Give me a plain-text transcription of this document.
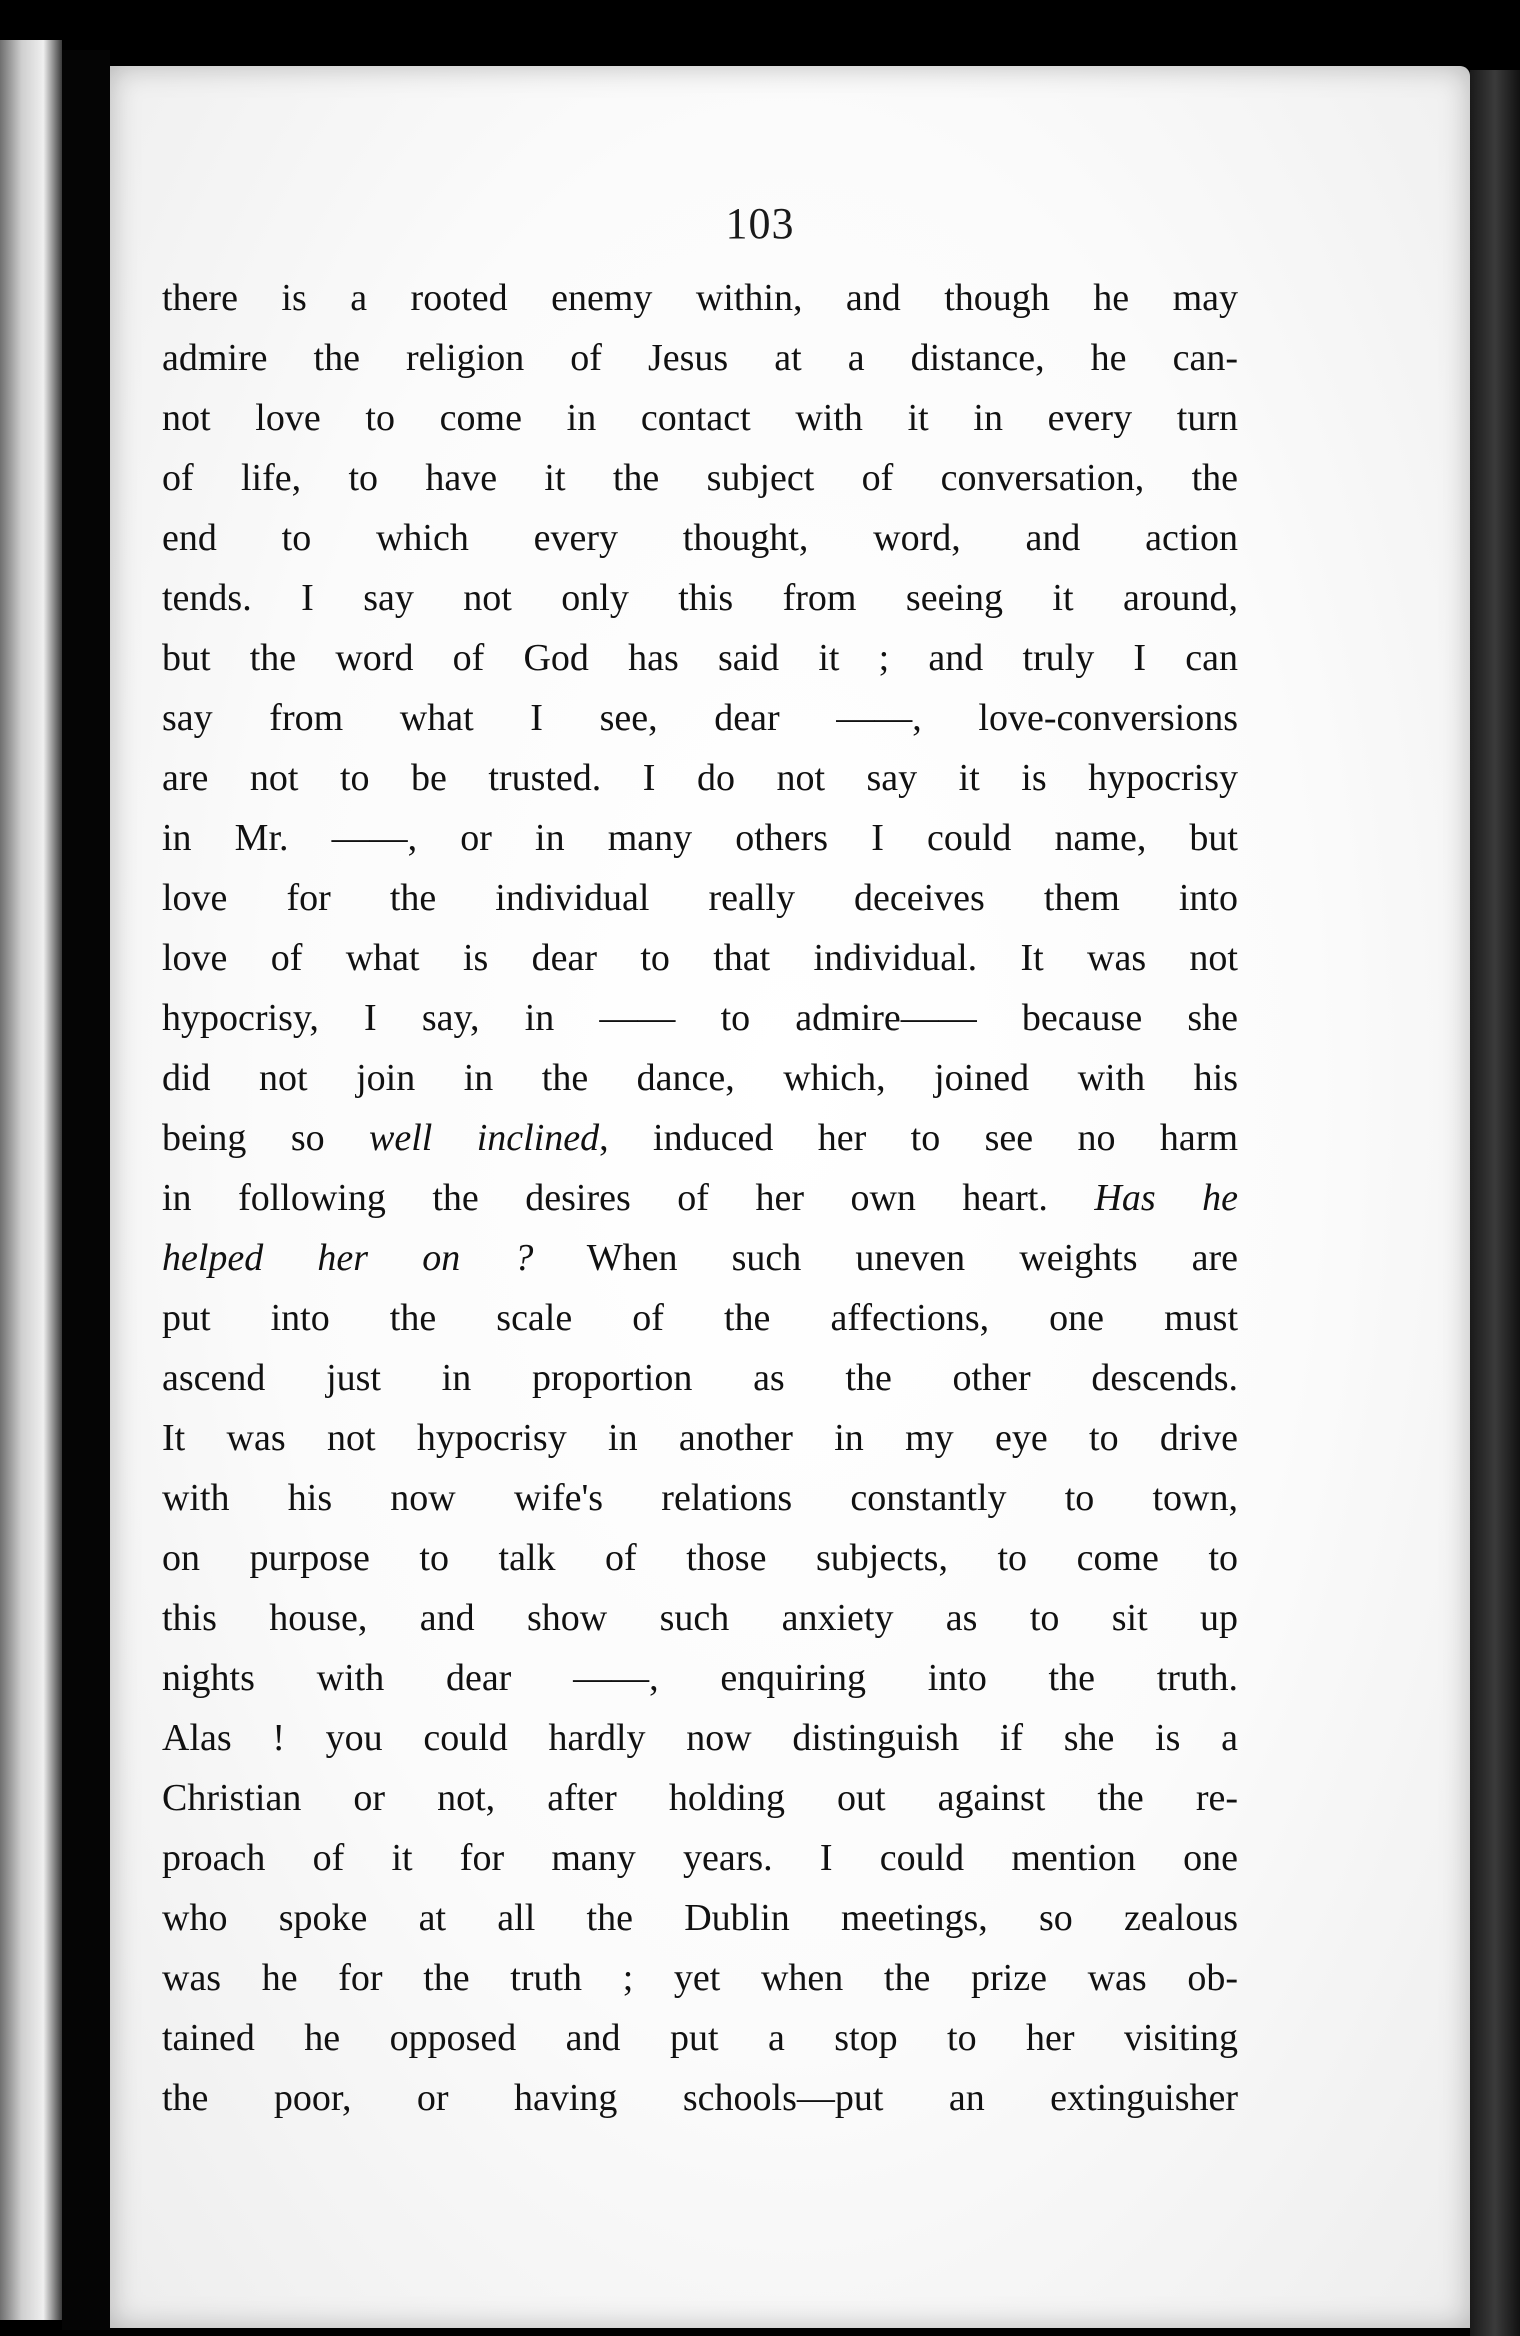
103
there is a rooted enemy within, and though he may
admire the religion of Jesus at a distance, he can-
not love to come in contact with it in every turn
of life, to have it the subject of conversation, the
end to which every thought, word, and action
tends. I say not only this from seeing it around,
but the word of God has said it ; and truly I can
say from what I see, dear ——, love-conversions
are not to be trusted. I do not say it is hypocrisy
in Mr. ——, or in many others I could name, but
love for the individual really deceives them into
love of what is dear to that individual. It was not
hypocrisy, I say, in —— to admire—— because she
did not join in the dance, which, joined with his
being so well inclined, induced her to see no harm
in following the desires of her own heart. Has he
helped her on ? When such uneven weights are
put into the scale of the affections, one must
ascend just in proportion as the other descends.
It was not hypocrisy in another in my eye to drive
with his now wife's relations constantly to town,
on purpose to talk of those subjects, to come to
this house, and show such anxiety as to sit up
nights with dear ——, enquiring into the truth.
Alas ! you could hardly now distinguish if she is a
Christian or not, after holding out against the re-
proach of it for many years. I could mention one
who spoke at all the Dublin meetings, so zealous
was he for the truth ; yet when the prize was ob-
tained he opposed and put a stop to her visiting
the poor, or having schools—put an extinguisher
